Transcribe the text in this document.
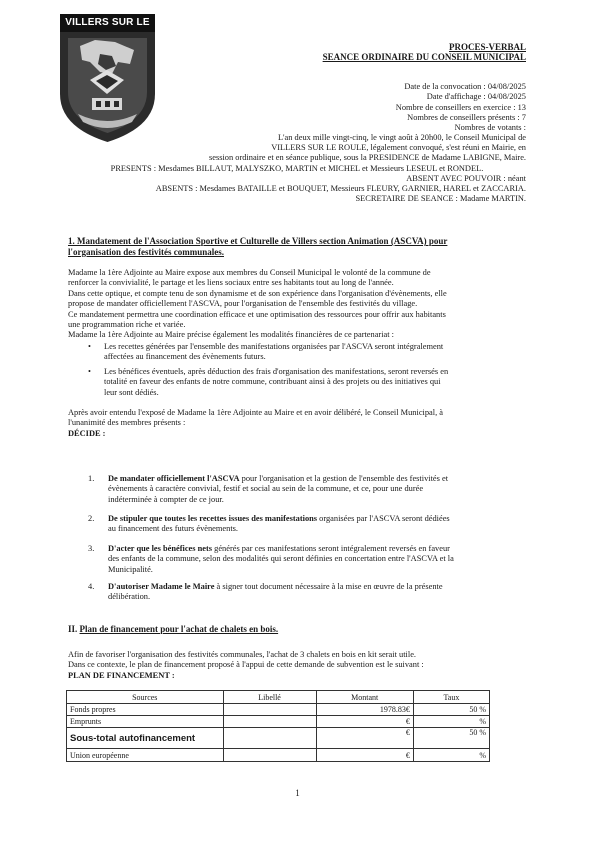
VILLERS SUR LE
PROCES-VERBAL
SEANCE ORDINAIRE DU CONSEIL MUNICIPAL
Date de la convocation : 04/08/2025
Date d'affichage : 04/08/2025
Nombre de conseillers en exercice : 13
Nombres de conseillers présents : 7
Nombres de votants :
L'an deux mille vingt-cinq, le vingt août à 20h00, le Conseil Municipal de
VILLERS SUR LE ROULE, légalement convoqué, s'est réuni en Mairie, en
session ordinaire et en séance publique, sous la PRESIDENCE de Madame LABIGNE, Maire.
PRESENTS : Mesdames BILLAUT, MALYSZKO, MARTIN et MICHEL et Messieurs LESEUL et RONDEL.
ABSENT AVEC POUVOIR : néant
ABSENTS : Mesdames BATAILLE et BOUQUET, Messieurs FLEURY, GARNIER, HAREL et ZACCARIA.
SECRETAIRE DE SEANCE : Madame MARTIN.
1. Mandatement de l'Association Sportive et Culturelle de Villers section Animation (ASCVA) pour
l'organisation des festivités communales.
Madame la 1ère Adjointe au Maire expose aux membres du Conseil Municipal le volonté de la commune de
renforcer la convivialité, le partage et les liens sociaux entre ses habitants tout au long de l'année.
Dans cette optique, et compte tenu de son dynamisme et de son expérience dans l'organisation d'évènements, elle
propose de mandater officiellement l'ASCVA, pour l'organisation de l'ensemble des festivités du village.
Ce mandatement permettra une coordination efficace et une optimisation des ressources pour offrir aux habitants
une programmation riche et variée.
Madame la 1ère Adjointe au Maire précise également les modalités financières de ce partenariat :
• Les recettes générées par l'ensemble des manifestations organisées par l'ASCVA seront intégralement
affectées au financement des évènements futurs.
• Les bénéfices éventuels, après déduction des frais d'organisation des manifestations, seront reversés en
totalité en faveur des enfants de notre commune, contribuant ainsi à des projets ou des initiatives qui
leur sont dédiés.
Après avoir entendu l'exposé de Madame la 1ère Adjointe au Maire et en avoir délibéré, le Conseil Municipal, à
l'unanimité des membres présents :
DÉCIDE :
1. De mandater officiellement l'ASCVA pour l'organisation et la gestion de l'ensemble des festivités et
évènements à caractère convivial, festif et social au sein de la commune, et ce, pour une durée
indéterminée à compter de ce jour.
2. De stipuler que toutes les recettes issues des manifestations organisées par l'ASCVA seront dédiées
au financement des futurs évènements.
3. D'acter que les bénéfices nets générés par ces manifestations seront intégralement reversés en faveur
des enfants de la commune, selon des modalités qui seront définies en concertation entre l'ASCVA et la
Municipalité.
4. D'autoriser Madame le Maire à signer tout document nécessaire à la mise en œuvre de la présente
délibération.
II. Plan de financement pour l'achat de chalets en bois.
Afin de favoriser l'organisation des festivités communales, l'achat de 3 chalets en bois en kit serait utile.
Dans ce contexte, le plan de financement proposé à l'appui de cette demande de subvention est le suivant :
PLAN DE FINANCEMENT :
Sources	Libellé	Montant	Taux
Fonds propres		1978.83€	50 %
Emprunts		€	%
Sous-total autofinancement		€	50 %
Union européenne		€	%
1
